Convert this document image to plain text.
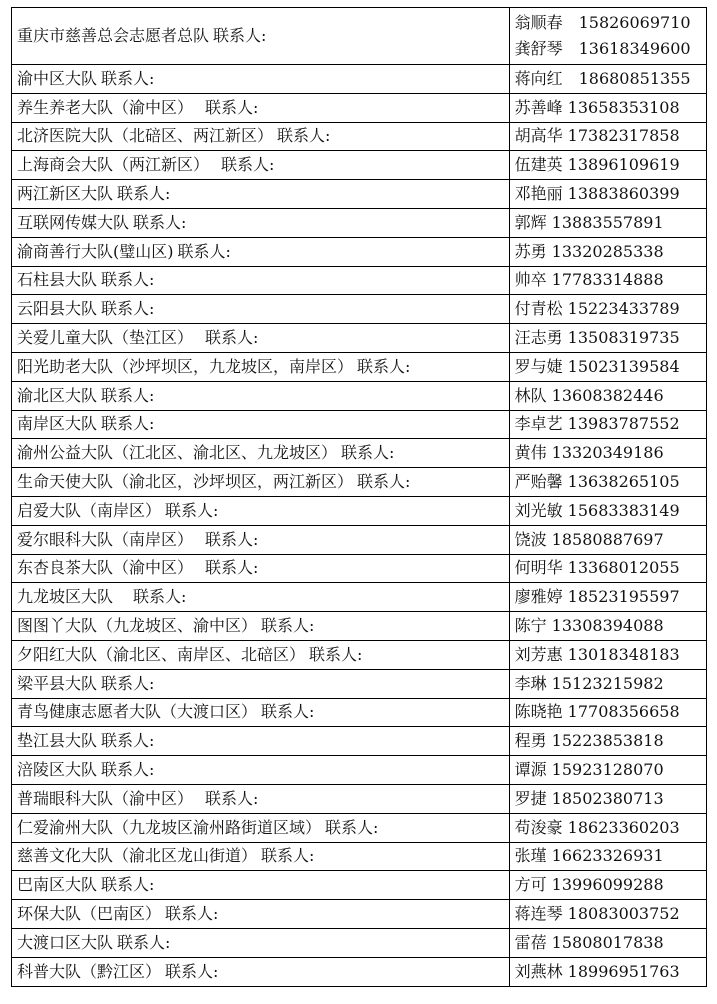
重庆市慈善总会志愿者总队 联系人:	翁顺春　15826069710
龚舒琴　13618349600

渝中区大队 联系人:	蒋向红　18680851355
养生养老大队（渝中区）　联系人:	苏善峰 13658353108
北济医院大队（北碚区、两江新区） 联系人:	胡高华 17382317858
上海商会大队（两江新区）　联系人:	伍建英 13896109619
两江新区大队 联系人:	邓艳丽 13883860399
互联网传媒大队 联系人:	郭辉 13883557891
渝商善行大队(璧山区) 联系人:	苏勇 13320285338
石柱县大队 联系人:	帅卒 17783314888
云阳县大队 联系人:	付青松 15223433789
关爱儿童大队（垫江区）　联系人:	汪志勇 13508319735
阳光助老大队（沙坪坝区，九龙坡区，南岸区） 联系人:	罗与婕 15023139584
渝北区大队 联系人:	林队 13608382446
南岸区大队 联系人:	李卓艺 13983787552
渝州公益大队（江北区、渝北区、九龙坡区） 联系人:	黄伟 13320349186
生命天使大队（渝北区，沙坪坝区，两江新区） 联系人:	严贻馨 13638265105
启爱大队（南岸区） 联系人:	刘光敏 15683383149
爱尔眼科大队（南岸区）　联系人:	饶波 18580887697
东杏良茶大队（渝中区）　联系人:	何明华 13368012055
九龙坡区大队　联系人:	廖雅婷 18523195597
图图丫大队（九龙坡区、渝中区） 联系人:	陈宁 13308394088
夕阳红大队（渝北区、南岸区、北碚区） 联系人:	刘芳惠 13018348183
梁平县大队 联系人:	李琳 15123215982
青鸟健康志愿者大队（大渡口区） 联系人:	陈晓艳 17708356658
垫江县大队 联系人:	程勇 15223853818
涪陵区大队 联系人:	谭源 15923128070
普瑞眼科大队（渝中区）　联系人:	罗捷 18502380713
仁爱渝州大队（九龙坡区渝州路街道区域） 联系人:	苟浚豪 18623360203
慈善文化大队（渝北区龙山街道） 联系人:	张瑾 16623326931
巴南区大队 联系人:	方可 13996099288
环保大队（巴南区） 联系人:	蒋连琴 18083003752
大渡口区大队 联系人:	雷蓓 15808017838
科普大队（黔江区） 联系人:	刘燕林 18996951763
